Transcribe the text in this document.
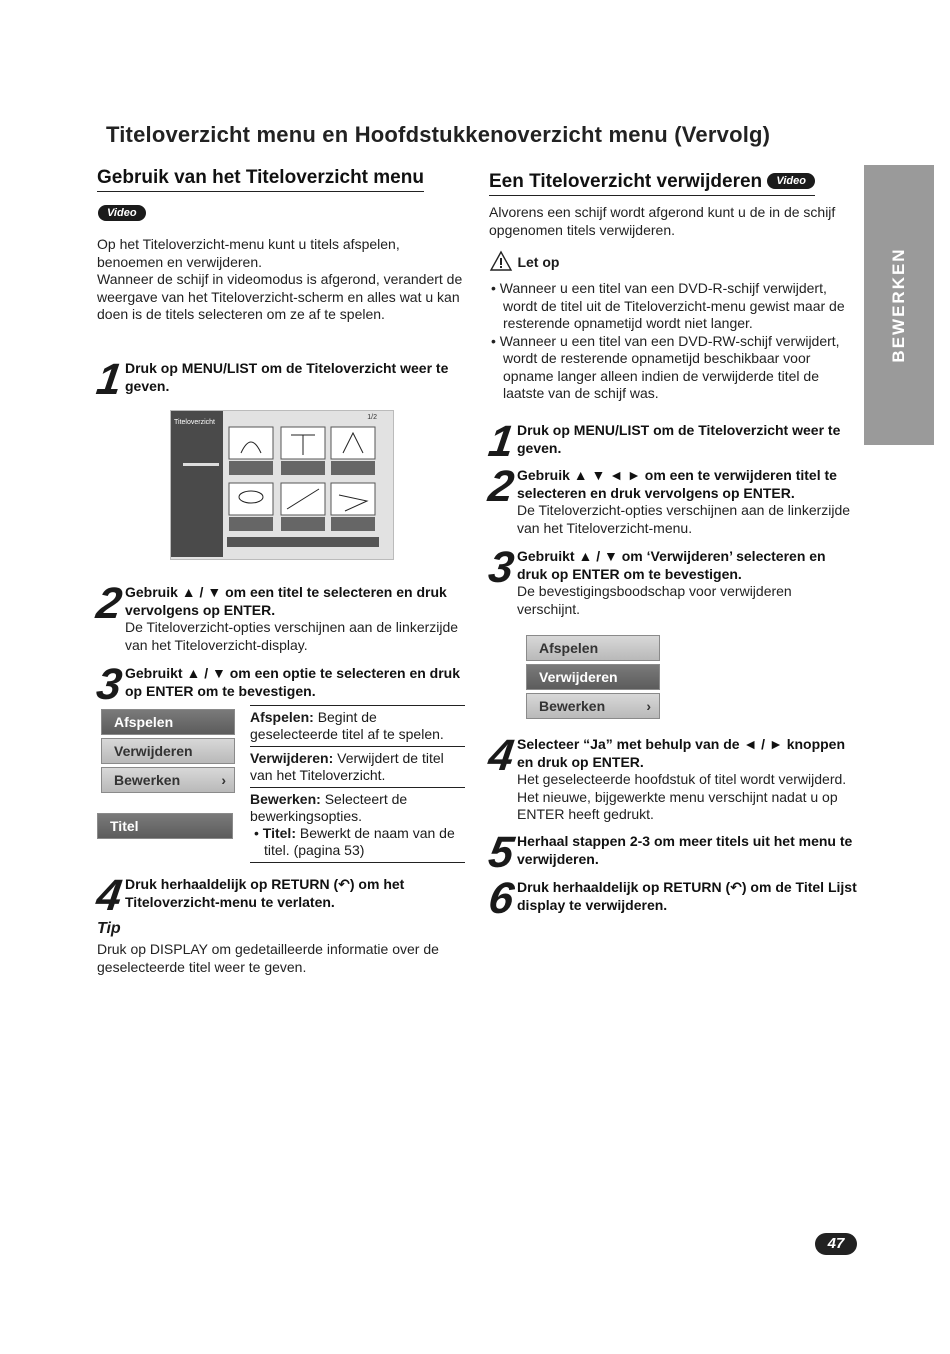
Titeloverzicht menu en Hoofdstukkenoverzicht menu (Vervolg)
BEWERKEN
Gebruik van het Titeloverzicht menu
Video
Op het Titeloverzicht-menu kunt u titels afspelen, benoemen en verwijderen.
Wanneer de schijf in videomodus is afgerond, verandert de weergave van het Titeloverzicht-scherm en alles wat u kan doen is de titels selecteren om ze af te spelen.
1 Druk op MENU/LIST om de Titeloverzicht weer te geven.
Titeloverzicht
1/2
2 Gebruik ▲ / ▼ om een titel te selecteren en druk vervolgens op ENTER.
De Titeloverzicht-opties verschijnen aan de linkerzijde van het Titeloverzicht-display.
3 Gebruikt ▲ / ▼ om een optie te selecteren en druk op ENTER om te bevestigen.
Afspelen
Verwijderen
Bewerken	›
Titel
Afspelen: Begint de geselecteerde titel af te spelen.
Verwijderen: Verwijdert de titel van het Titeloverzicht.
Bewerken: Selecteert de bewerkingsopties.
• Titel: Bewerkt de naam van de titel. (pagina 53)
4 Druk herhaaldelijk op RETURN (↶) om het Titeloverzicht-menu te verlaten.
Tip
Druk op DISPLAY om gedetailleerde informatie over de geselecteerde titel weer te geven.
Een Titeloverzicht verwijderen Video
Alvorens een schijf wordt afgerond kunt u de in de schijf opgenomen titels verwijderen.
Let op
• Wanneer u een titel van een DVD-R-schijf verwijdert, wordt de titel uit de Titeloverzicht-menu gewist maar de resterende opnametijd wordt niet langer.
• Wanneer u een titel van een DVD-RW-schijf verwijdert, wordt de resterende opnametijd beschikbaar voor opname langer alleen indien de verwijderde titel de laatste van de schijf was.
1 Druk op MENU/LIST om de Titeloverzicht weer te geven.
2 Gebruik ▲ ▼ ◄ ► om een te verwijderen titel te selecteren en druk vervolgens op ENTER.
De Titeloverzicht-opties verschijnen aan de linkerzijde van het Titeloverzicht-menu.
3 Gebruikt ▲ / ▼ om ‘Verwijderen’ selecteren en druk op ENTER om te bevestigen.
De bevestigingsboodschap voor verwijderen verschijnt.
Afspelen
Verwijderen
Bewerken	›
4 Selecteer “Ja” met behulp van de ◄ / ► knoppen en druk op ENTER.
Het geselecteerde hoofdstuk of titel wordt verwijderd. Het nieuwe, bijgewerkte menu verschijnt nadat u op ENTER heeft gedrukt.
5 Herhaal stappen 2-3 om meer titels uit het menu te verwijderen.
6 Druk herhaaldelijk op RETURN (↶) om de Titel Lijst display te verwijderen.
47
